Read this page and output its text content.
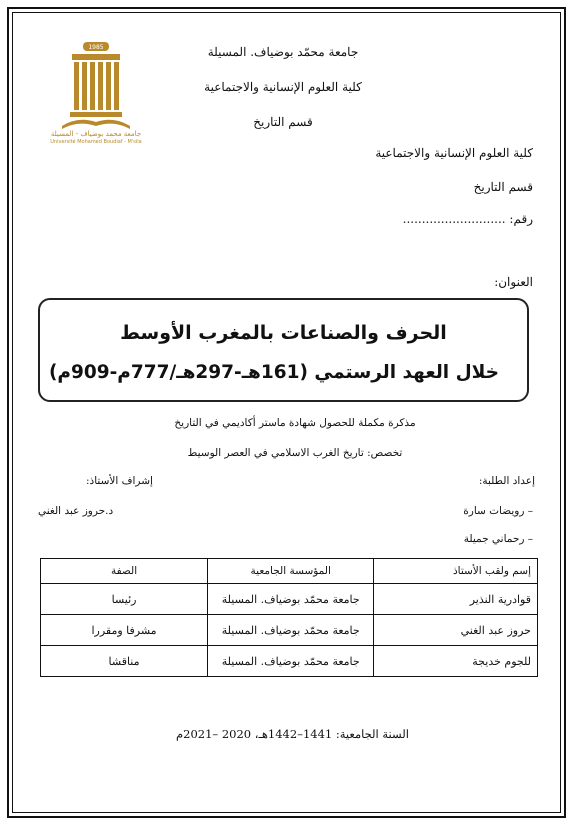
1985
جامعة محمد بوضياف - المسيلة
Université Mohamed Boudiaf - M'sila
جامعة محمّد بوضياف. المسيلة
كلية العلوم الإنسانية والاجتماعية
قسم التاريخ
كلية العلوم الإنسانية والاجتماعية
قسم التاريخ
رقم: ...........................
العنوان:
الحرف والصناعات بالمغرب الأوسط
خلال العهد الرستمي (161هـ-297هـ/777م-909م)
مذكرة مكملة للحصول شهادة ماستر أكاديمي في التاريخ
تخصص: تاريخ الغرب الاسلامي في العصر الوسيط
إعداد الطلبة:
– رويضات سارة
– رحماني جميلة
إشراف الأستاذ:
د.حروز عبد الغني
إسم ولقب الأستاذ	المؤسسة الجامعية	الصفة
قوادرية النذير	جامعة محمّد بوضياف. المسيلة	رئيسا
حروز عبد الغني	جامعة محمّد بوضياف. المسيلة	مشرفا ومقررا
للجوم خديجة	جامعة محمّد بوضياف. المسيلة	مناقشا
السنة الجامعية: 1441–1442هـ، 2020 –2021م
